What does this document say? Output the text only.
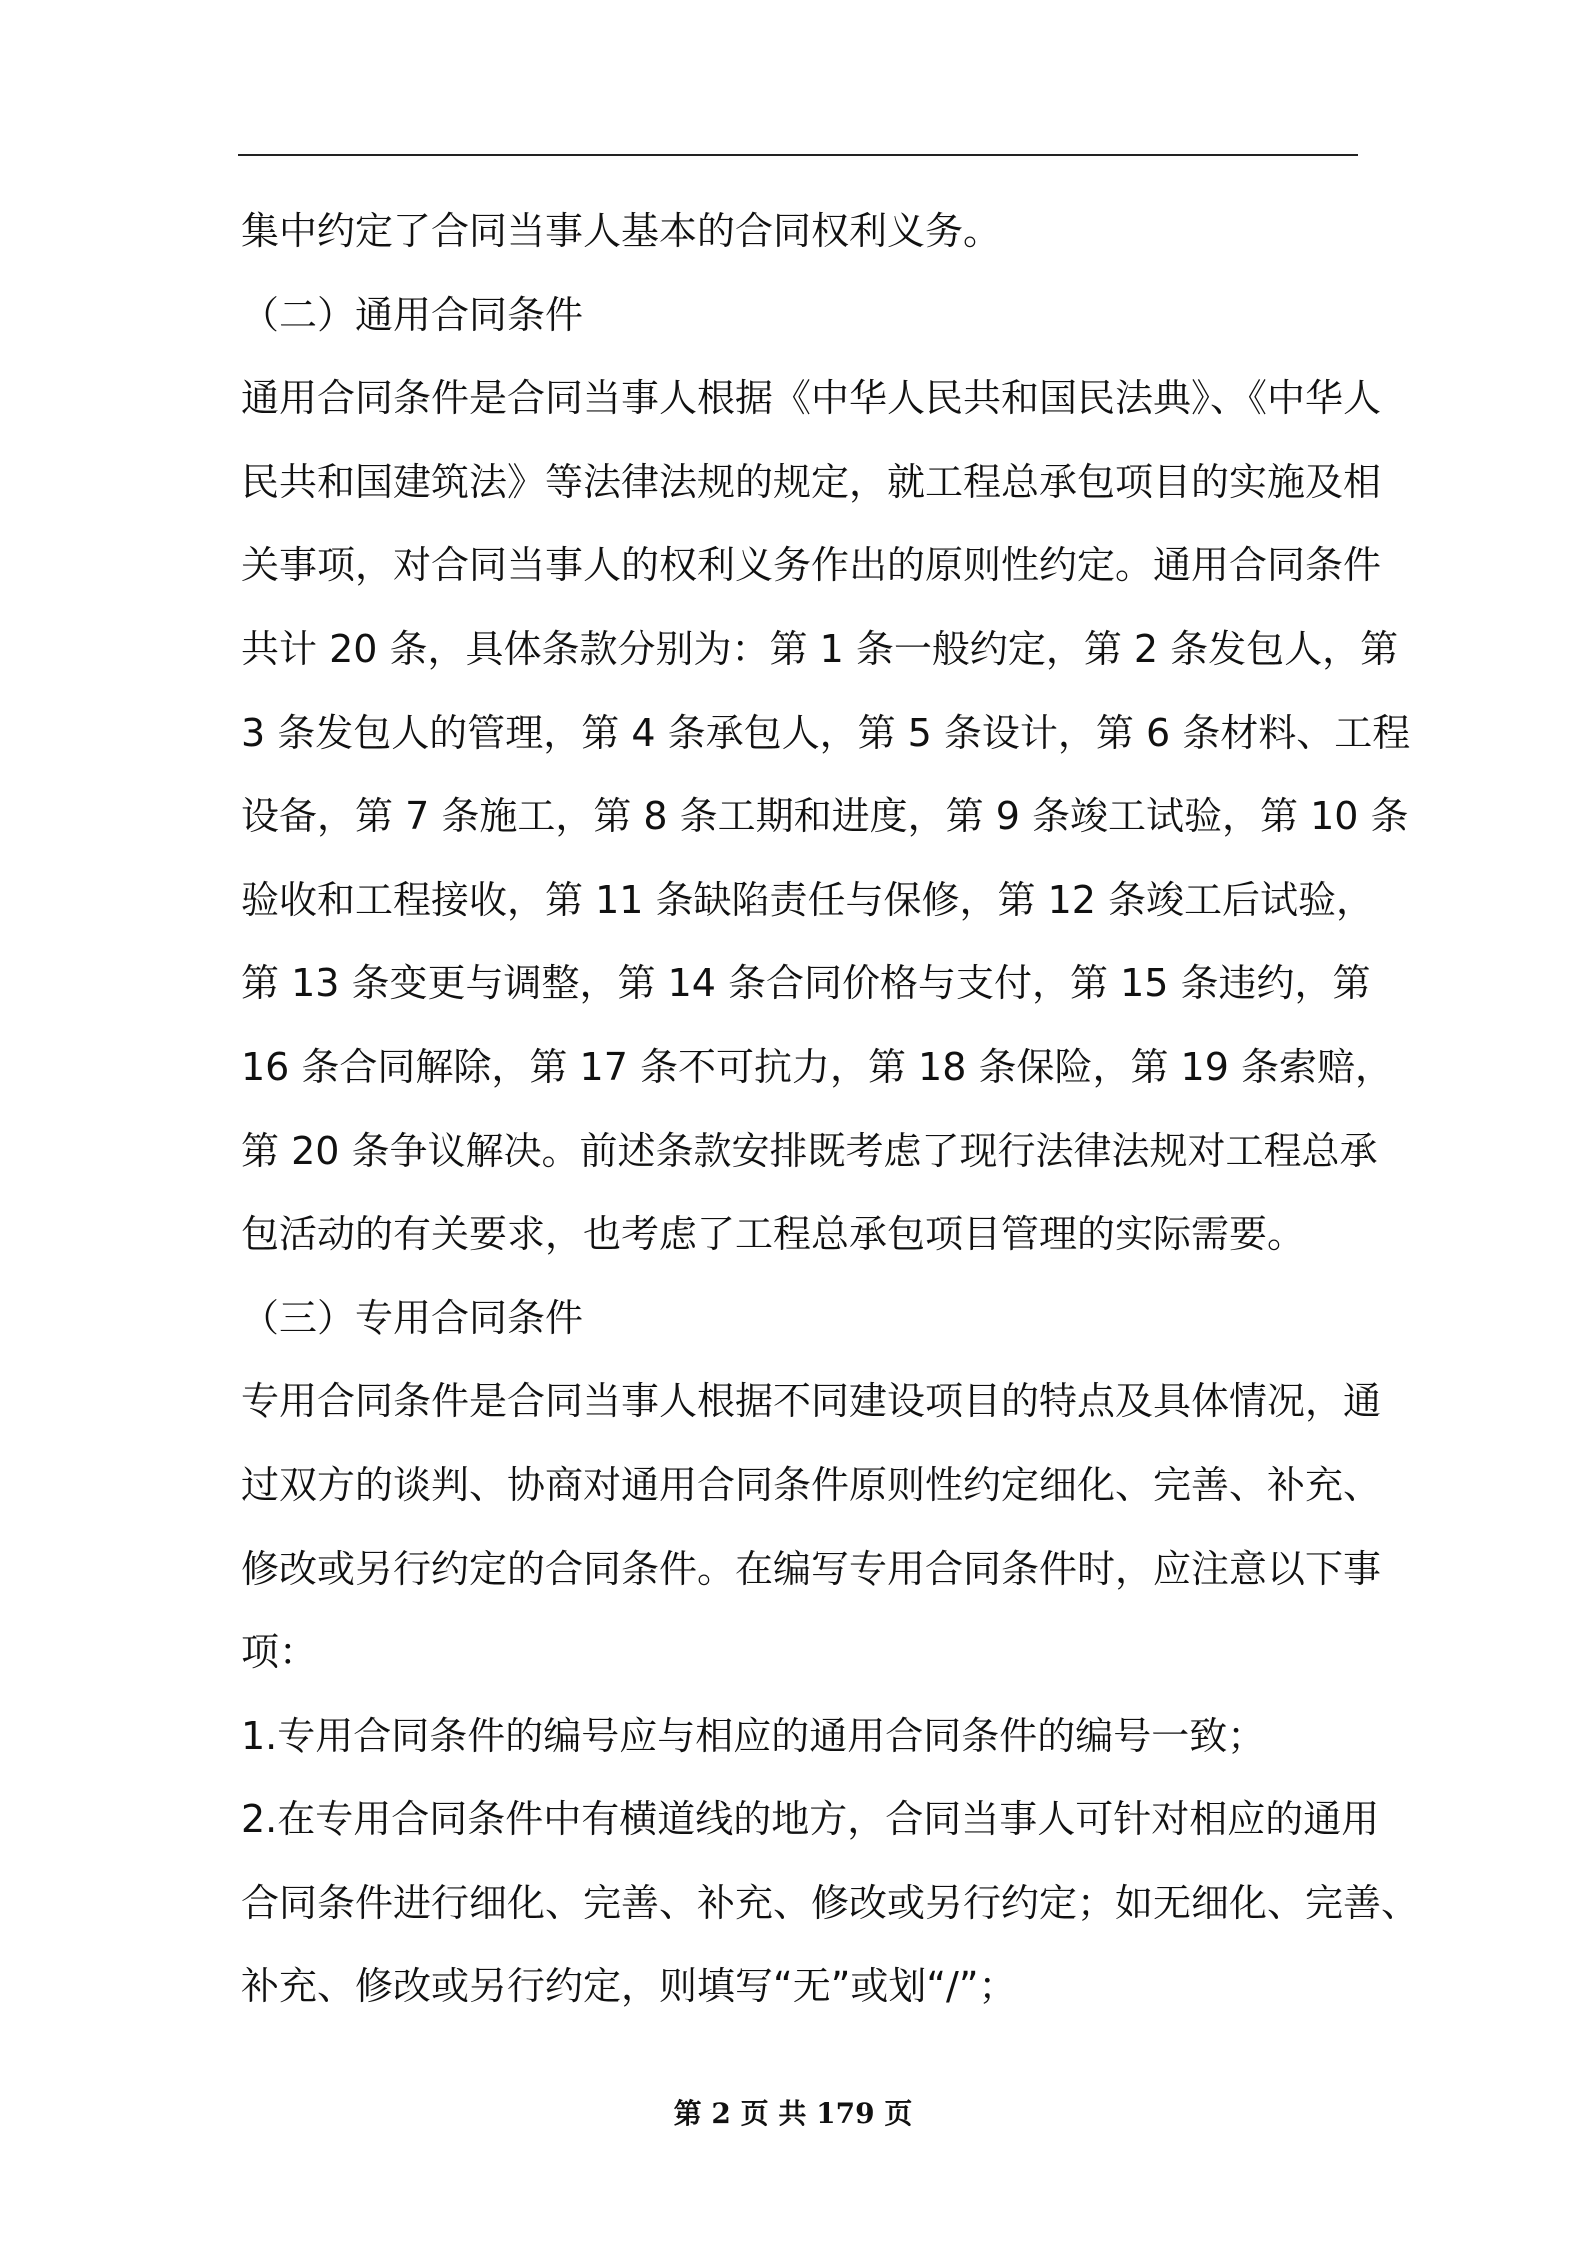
集中约定了合同当事人基本的合同权利义务。
（二）通用合同条件
通用合同条件是合同当事人根据《中华人民共和国民法典》、《中华人
民共和国建筑法》等法律法规的规定，就工程总承包项目的实施及相
关事项，对合同当事人的权利义务作出的原则性约定。通用合同条件
共计 20 条，具体条款分别为：第 1 条一般约定，第 2 条发包人，第
3 条发包人的管理，第 4 条承包人，第 5 条设计，第 6 条材料、工程
设备，第 7 条施工，第 8 条工期和进度，第 9 条竣工试验，第 10 条
验收和工程接收，第 11 条缺陷责任与保修，第 12 条竣工后试验，
第 13 条变更与调整，第 14 条合同价格与支付，第 15 条违约，第
16 条合同解除，第 17 条不可抗力，第 18 条保险，第 19 条索赔，
第 20 条争议解决。前述条款安排既考虑了现行法律法规对工程总承
包活动的有关要求，也考虑了工程总承包项目管理的实际需要。
（三）专用合同条件
专用合同条件是合同当事人根据不同建设项目的特点及具体情况，通
过双方的谈判、协商对通用合同条件原则性约定细化、完善、补充、
修改或另行约定的合同条件。在编写专用合同条件时，应注意以下事
项：
1.专用合同条件的编号应与相应的通用合同条件的编号一致；
2.在专用合同条件中有横道线的地方，合同当事人可针对相应的通用
合同条件进行细化、完善、补充、修改或另行约定；如无细化、完善、
补充、修改或另行约定，则填写“无”或划“/”；
第 2 页 共 179 页
